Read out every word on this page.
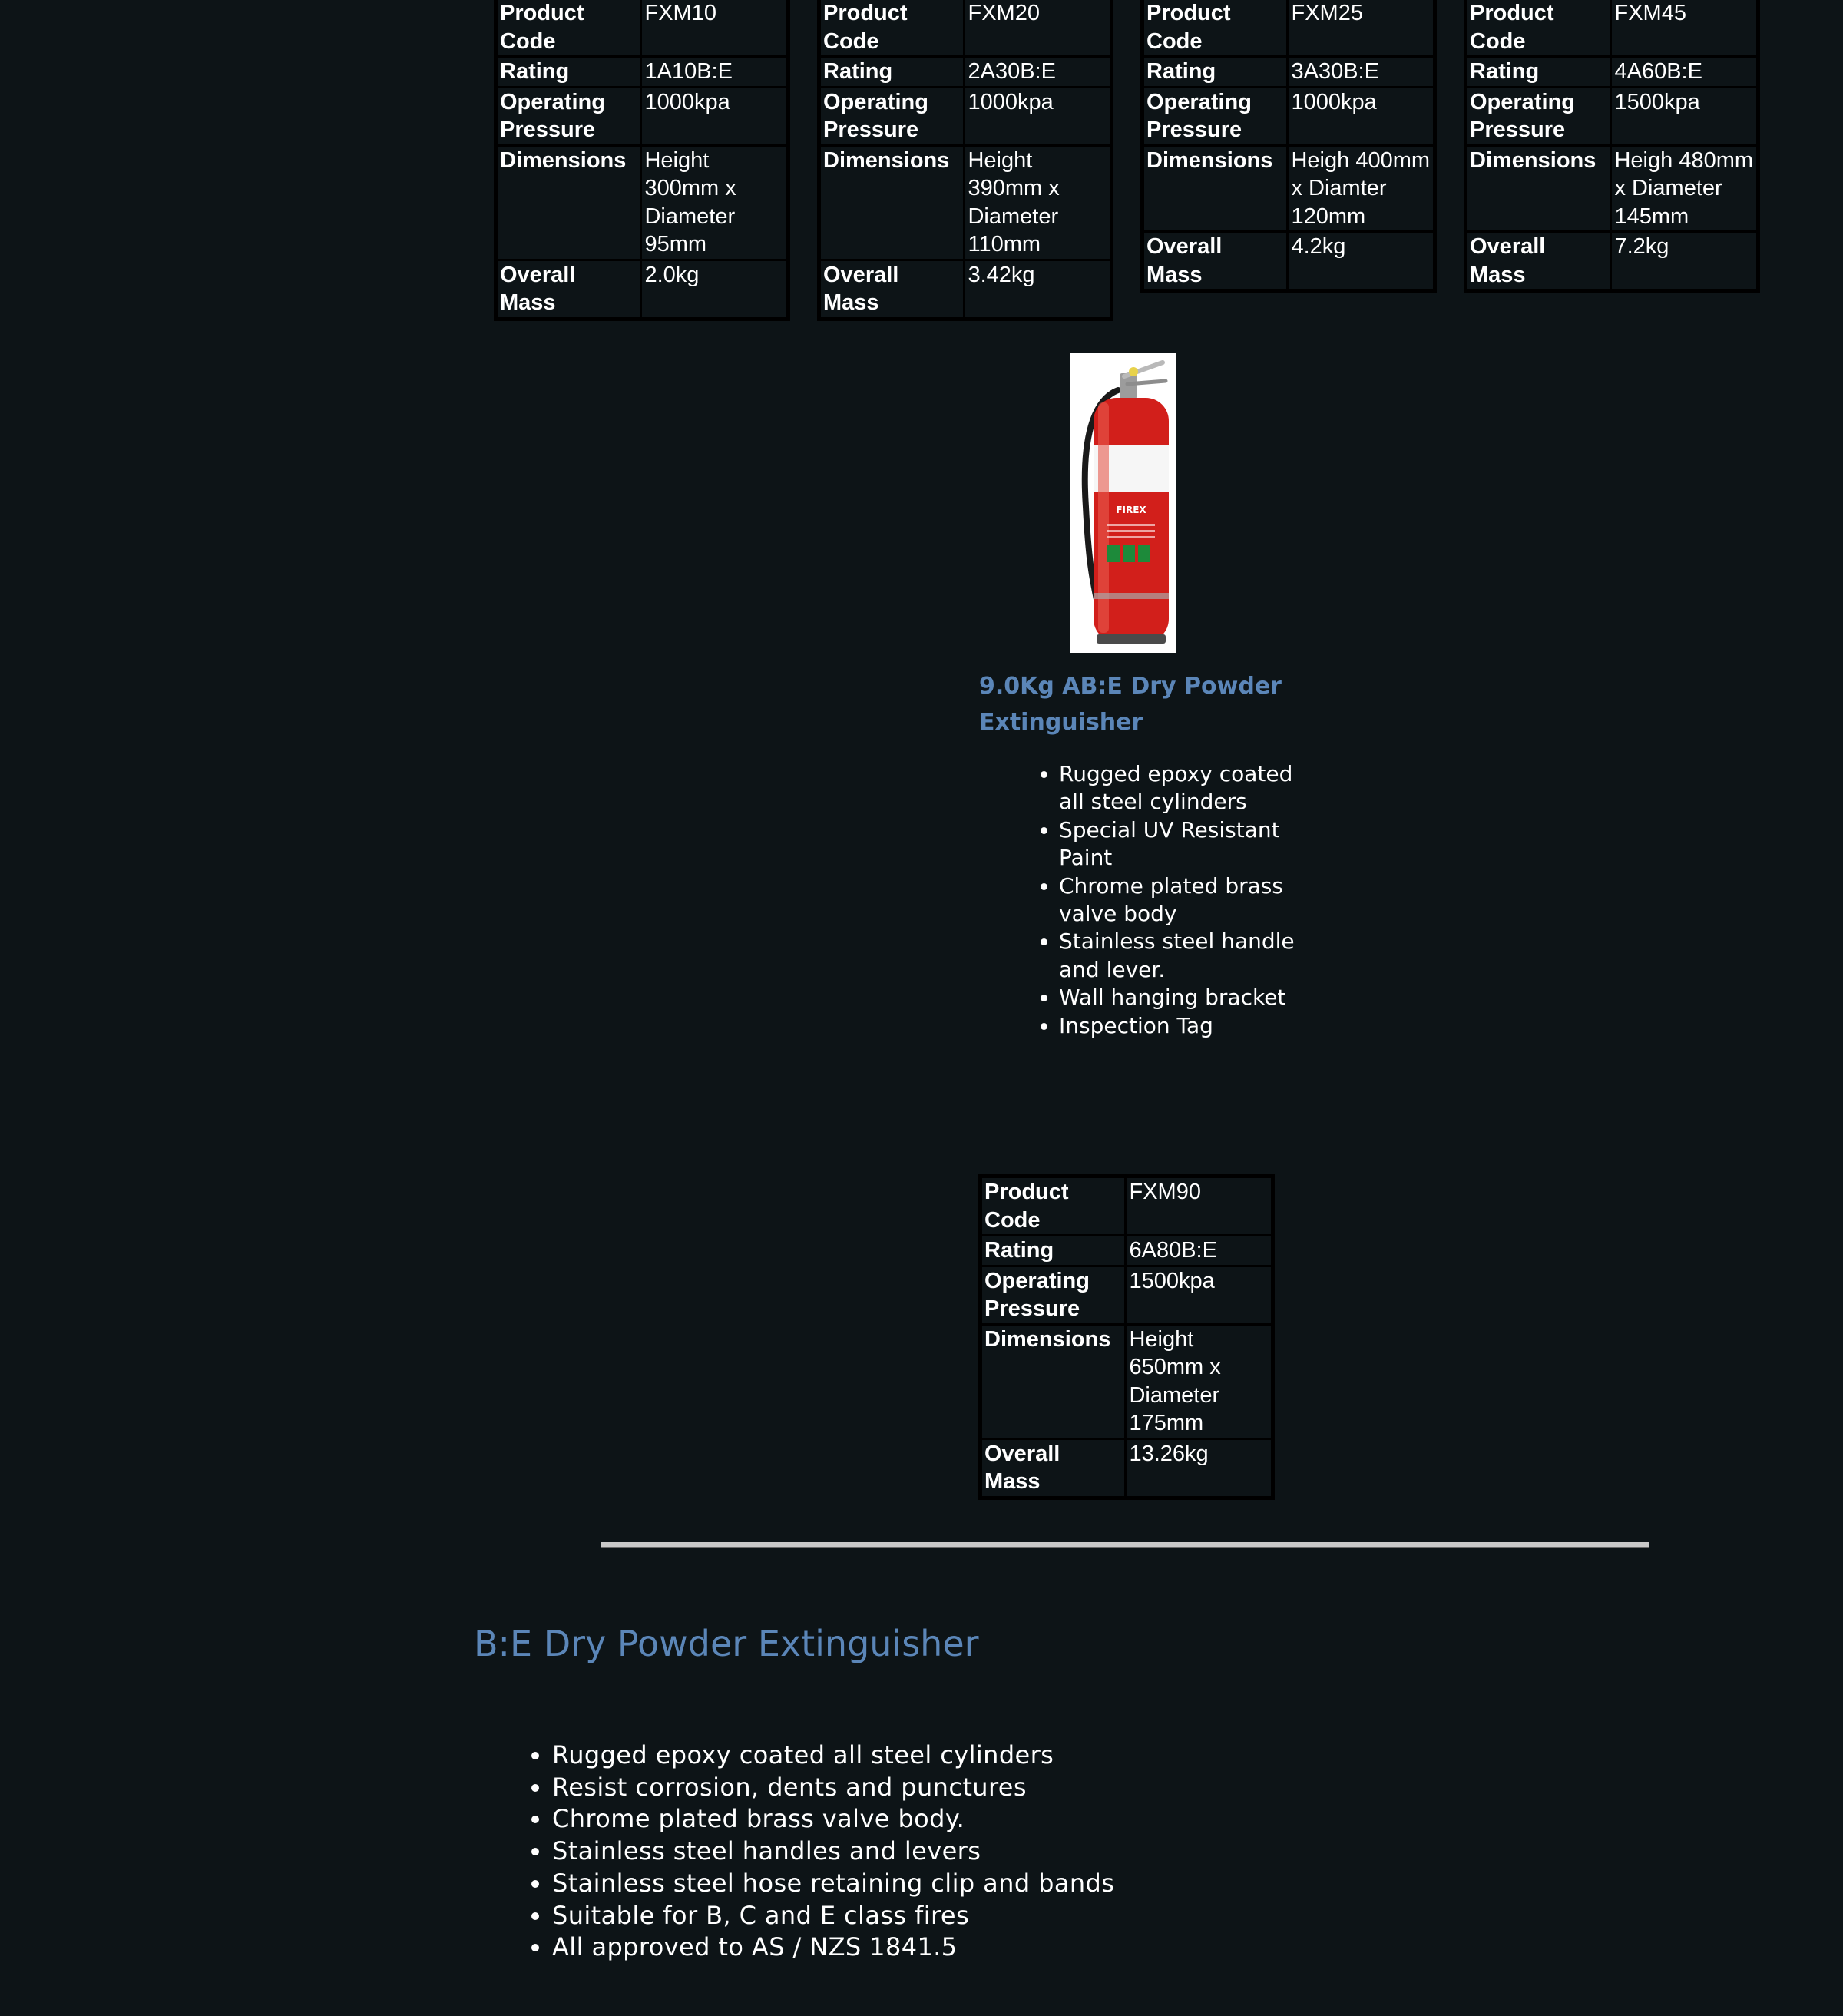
Product Code	FXM10
Rating	1A10B:E
Operating Pressure	1000kpa
Dimensions	Height 300mm x Diameter 95mm
Overall Mass	2.0kg
Product Code	FXM20
Rating	2A30B:E
Operating Pressure	1000kpa
Dimensions	Height 390mm x Diameter 110mm
Overall Mass	3.42kg
Product Code	FXM25
Rating	3A30B:E
Operating Pressure	1000kpa
Dimensions	Heigh 400mm x Diamter 120mm
Overall Mass	4.2kg
Product Code	FXM45
Rating	4A60B:E
Operating Pressure	1500kpa
Dimensions	Heigh 480mm x Diameter 145mm
Overall Mass	7.2kg
FIREX
9.0Kg AB:E Dry Powder Extinguisher
• Rugged epoxy coated all steel cylinders
• Special UV Resistant Paint
• Chrome plated brass valve body
• Stainless steel handle and lever.
• Wall hanging bracket
• Inspection Tag
Product Code	FXM90
Rating	6A80B:E
Operating Pressure	1500kpa
Dimensions	Height 650mm x Diameter 175mm
Overall Mass	13.26kg
B:E Dry Powder Extinguisher
• Rugged epoxy coated all steel cylinders
• Resist corrosion, dents and punctures
• Chrome plated brass valve body.
• Stainless steel handles and levers
• Stainless steel hose retaining clip and bands
• Suitable for B, C and E class fires
• All approved to AS / NZS 1841.5
